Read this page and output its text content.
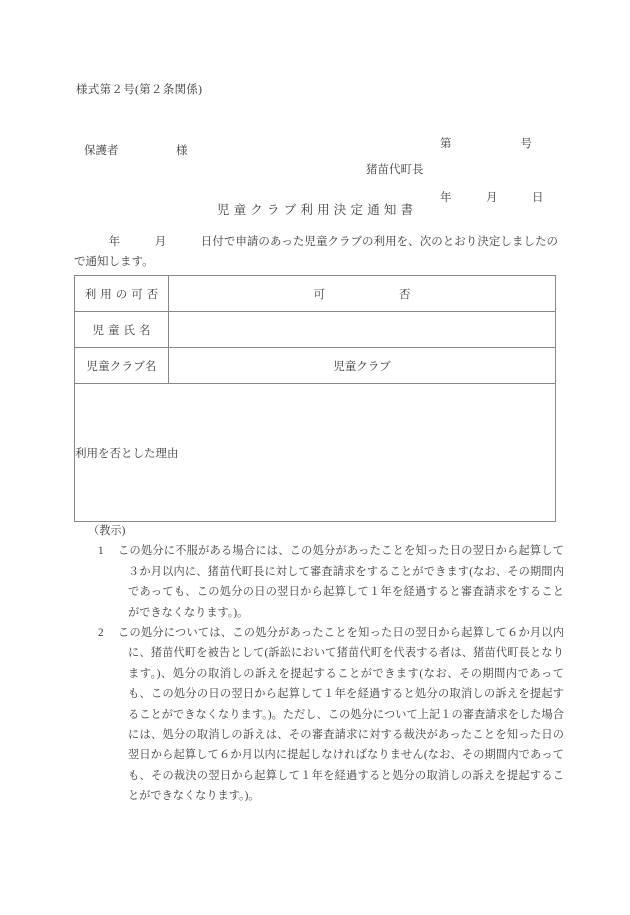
様式第２号(第２条関係)

第　　　　　　号

年　　　月　　　日

保護者　　　　　様
猪苗代町長
児童クラブ利用決定通知書
　　　年　　　月　　　日付で申請のあった児童クラブの利用を、次のとおり決定しましたので通知します。
利用の可否	可 否

児童氏名	

児童クラブ名	児童クラブ
利用を否とした理由	
（教示)
1 この処分に不服がある場合には、この処分があったことを知った日の翌日から起算して３か月以内に、猪苗代町長に対して審査請求をすることができます(なお、その期間内であっても、この処分の日の翌日から起算して１年を経過すると審査請求をすることができなくなります。)。
2 この処分については、この処分があったことを知った日の翌日から起算して６か月以内に、猪苗代町を被告として(訴訟において猪苗代町を代表する者は、猪苗代町長となります。)、処分の取消しの訴えを提起することができます(なお、その期間内であっても、この処分の日の翌日から起算して１年を経過すると処分の取消しの訴えを提起することができなくなります。)。ただし、この処分について上記１の審査請求をした場合には、処分の取消しの訴えは、その審査請求に対する裁決があったことを知った日の翌日から起算して６か月以内に提起しなければなりません(なお、その期間内であっても、その裁決の翌日から起算して１年を経過すると処分の取消しの訴えを提起することができなくなります。)。
